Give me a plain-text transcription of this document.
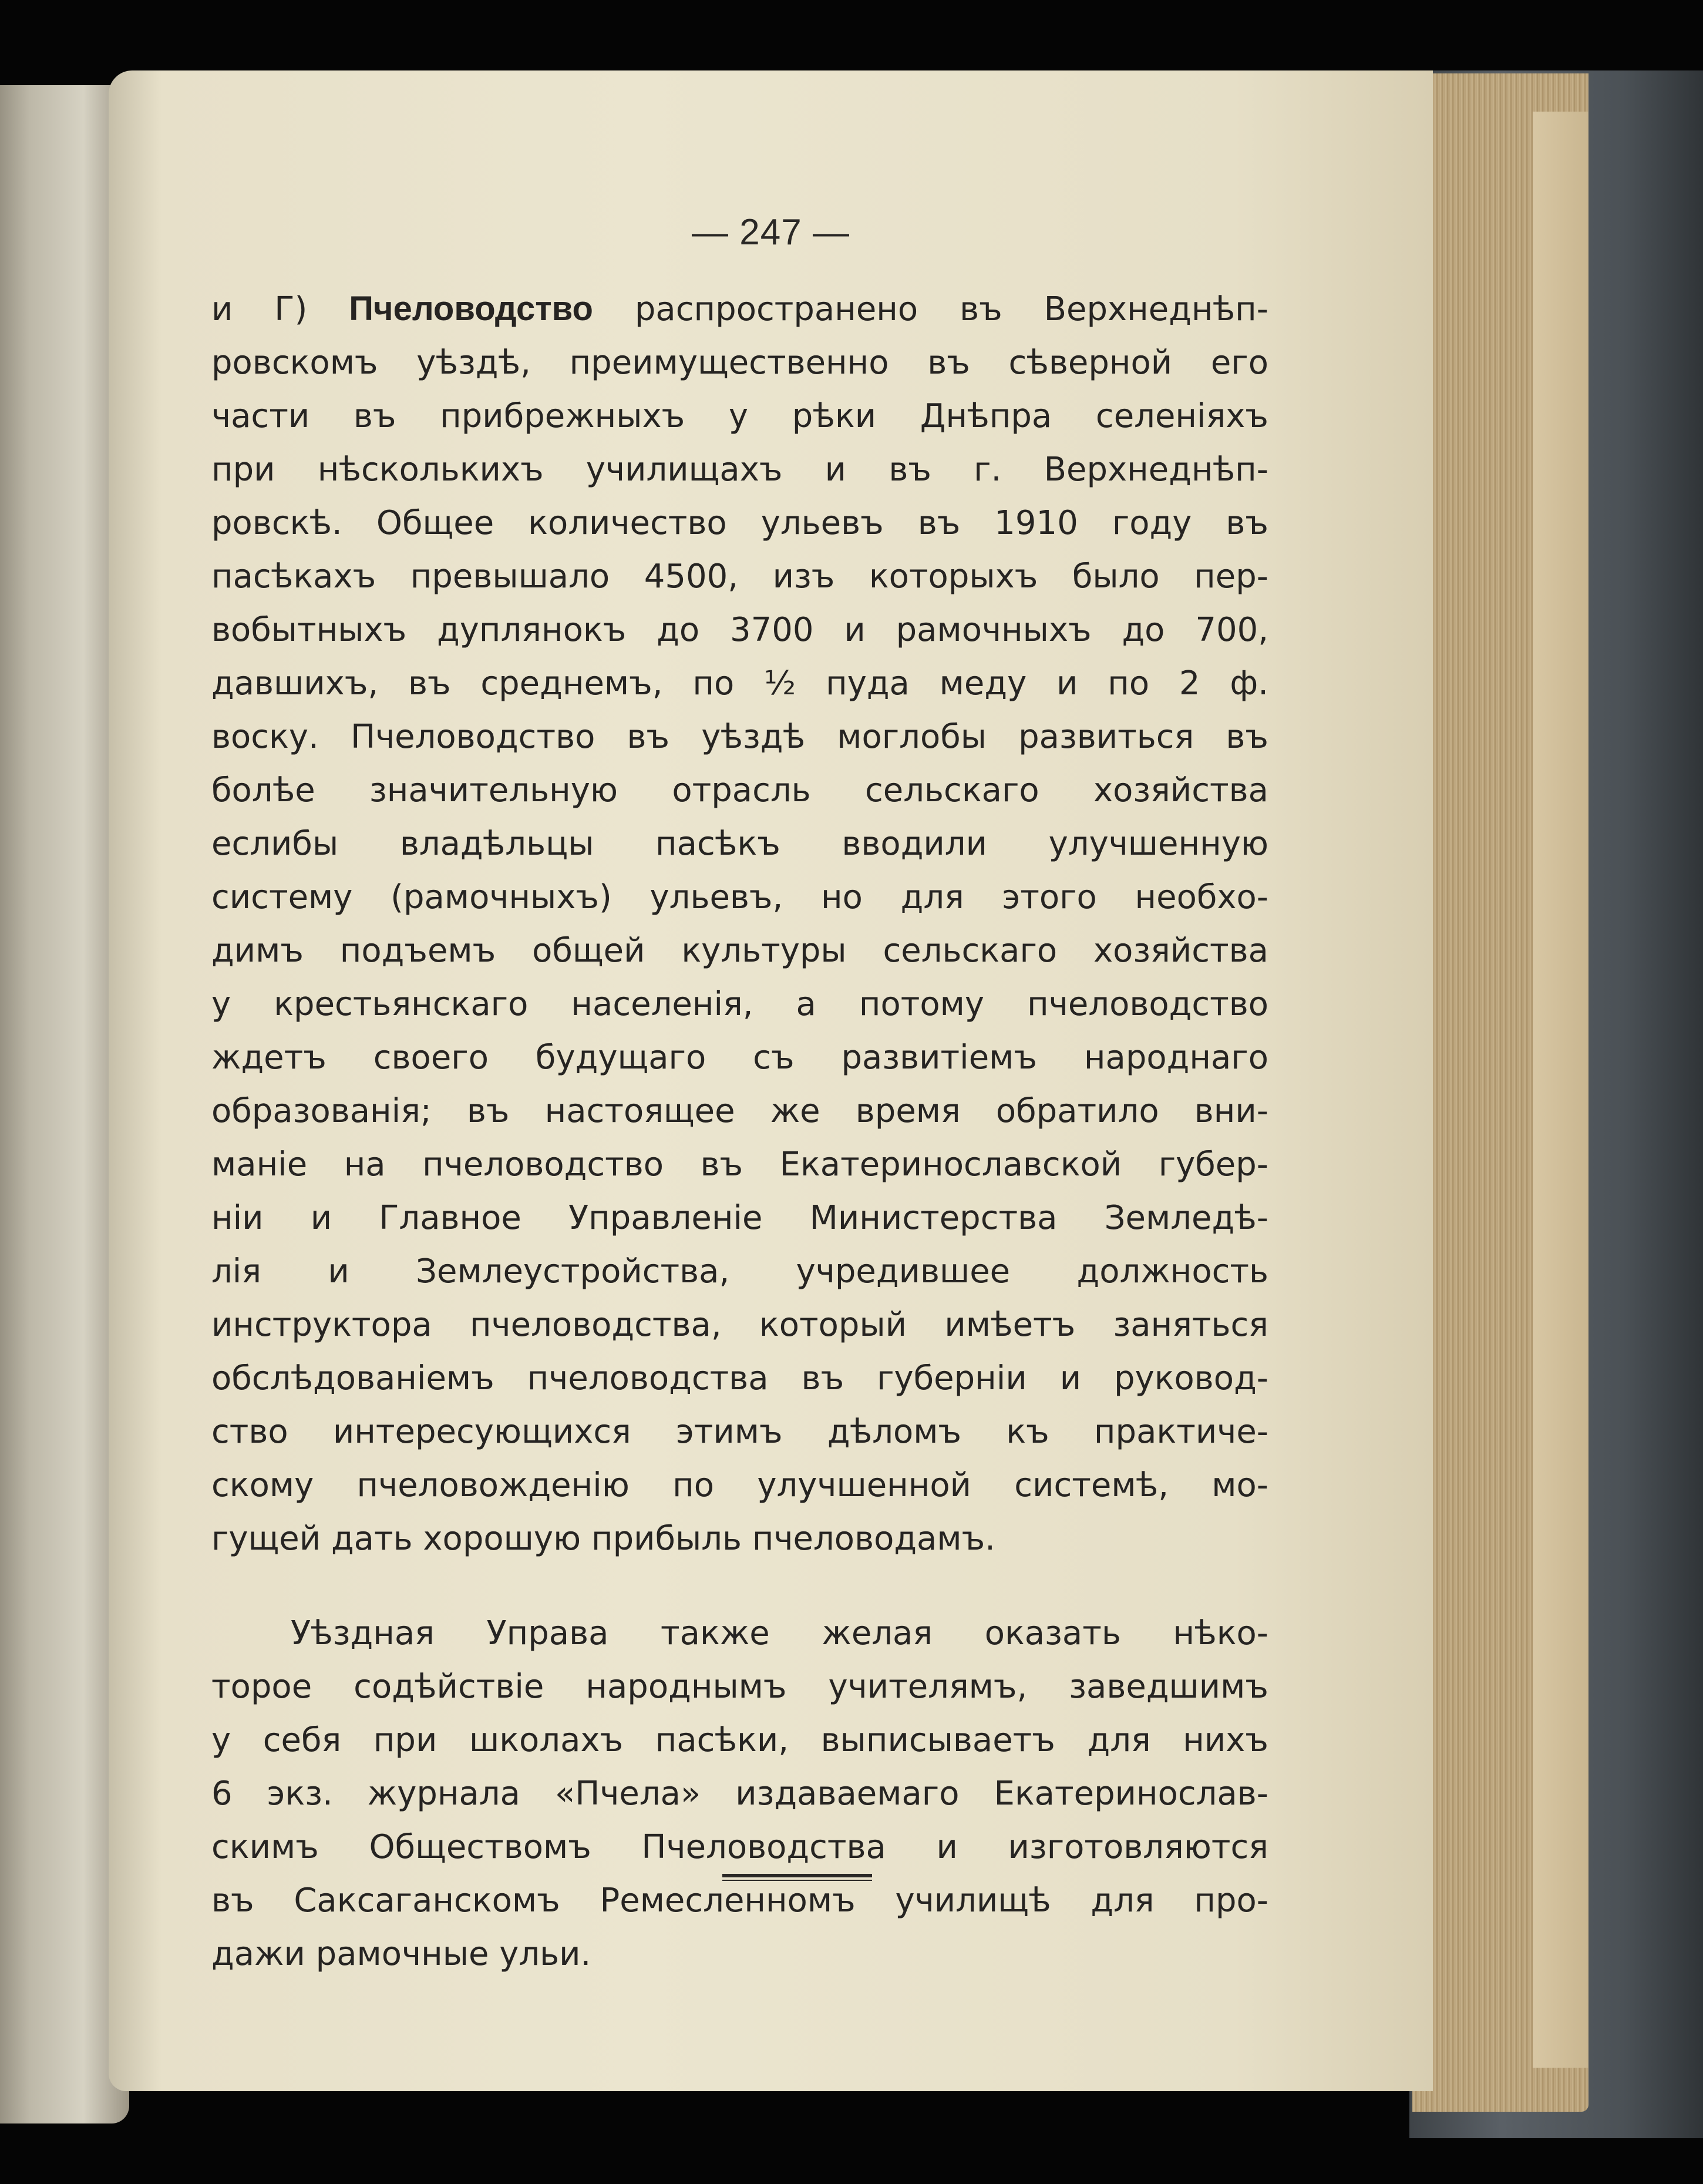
— 247 —
и Г) Пчеловодство распространено въ Верхнеднѣп-
ровскомъ уѣздѣ, преимущественно въ сѣверной его
части въ прибрежныхъ у рѣки Днѣпра селеніяхъ
при нѣсколькихъ училищахъ и въ г. Верхнеднѣп-
ровскѣ. Общее количество ульевъ въ 1910 году въ
пасѣкахъ превышало 4500, изъ которыхъ было пер-
вобытныхъ дуплянокъ до 3700 и рамочныхъ до 700,
давшихъ, въ среднемъ, по ½ пуда меду и по 2 ф.
воску. Пчеловодство въ уѣздѣ моглобы развиться въ
болѣе значительную отрасль сельскаго хозяйства
еслибы владѣльцы пасѣкъ вводили улучшенную
систему (рамочныхъ) ульевъ, но для этого необхо-
димъ подъемъ общей культуры сельскаго хозяйства
у крестьянскаго населенія, а потому пчеловодство
ждетъ своего будущаго съ развитіемъ народнаго
образованія; въ настоящее же время обратило вни-
маніе на пчеловодство въ Екатеринославской губер-
ніи и Главное Управленіе Министерства Земледѣ-
лія и Землеустройства, учредившее должность
инструктора пчеловодства, который имѣетъ заняться
обслѣдованіемъ пчеловодства въ губерніи и руковод-
ство интересующихся этимъ дѣломъ къ практиче-
скому пчеловожденію по улучшенной системѣ, мо-
гущей дать хорошую прибыль пчеловодамъ.
Уѣздная Управа также желая оказать нѣко-
торое содѣйствіе народнымъ учителямъ, заведшимъ
у себя при школахъ пасѣки, выписываетъ для нихъ
6 экз. журнала «Пчела» издаваемаго Екатеринослав-
скимъ Обществомъ Пчеловодства и изготовляются
въ Саксаганскомъ Ремесленномъ училищѣ для про-
дажи рамочные ульи.
